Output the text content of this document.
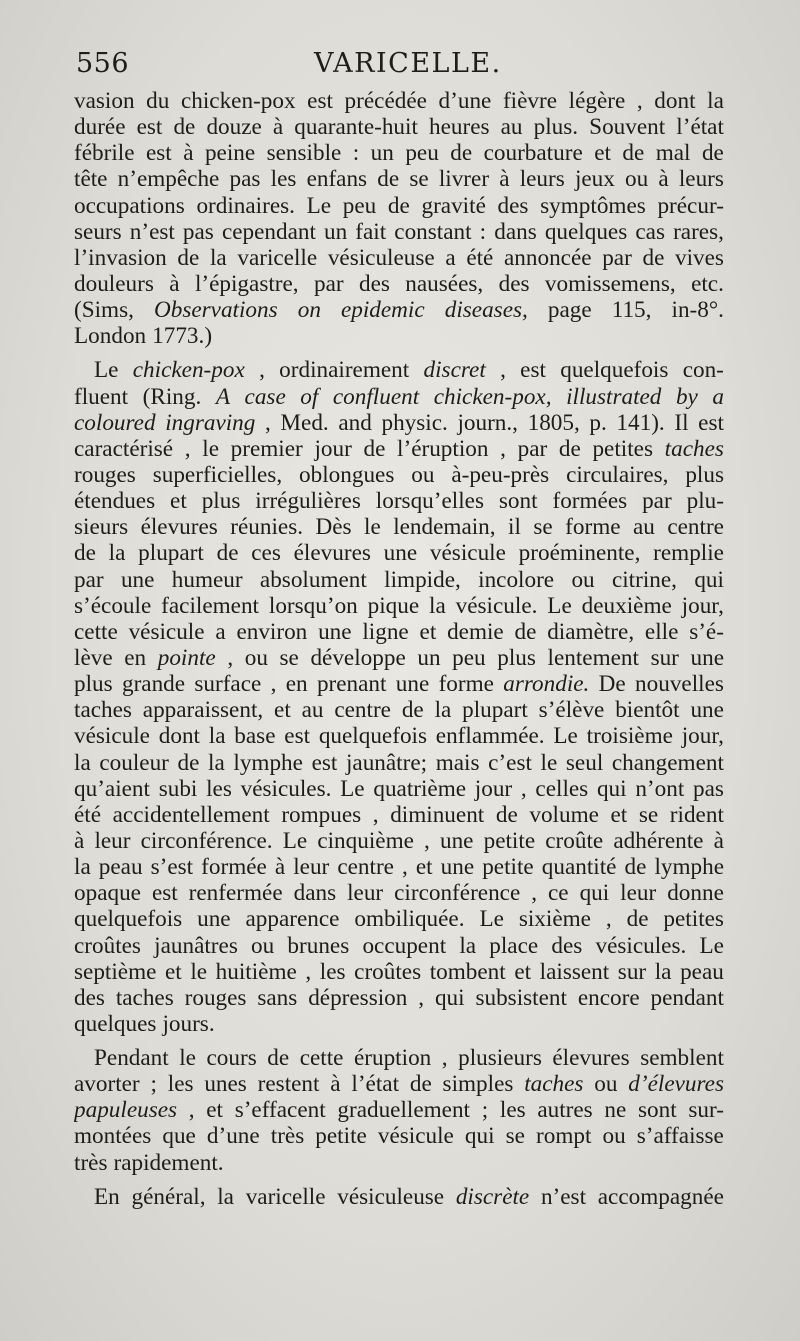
556	VARICELLE.
vasion du chicken-pox est précédée d’une fièvre légère , dont la
durée est de douze à quarante-huit heures au plus. Souvent l’état
fébrile est à peine sensible : un peu de courbature et de mal de
tête n’empêche pas les enfans de se livrer à leurs jeux ou à leurs
occupations ordinaires. Le peu de gravité des symptômes précur-
seurs n’est pas cependant un fait constant : dans quelques cas rares,
l’invasion de la varicelle vésiculeuse a été annoncée par de vives
douleurs à l’épigastre, par des nausées, des vomissemens, etc.
(Sims, Observations on epidemic diseases, page 115, in-8°.
London 1773.)
Le chicken-pox , ordinairement discret , est quelquefois con-
fluent (Ring. A case of confluent chicken-pox, illustrated by a
coloured ingraving , Med. and physic. journ., 1805, p. 141). Il est
caractérisé , le premier jour de l’éruption , par de petites taches
rouges superficielles, oblongues ou à-peu-près circulaires, plus
étendues et plus irrégulières lorsqu’elles sont formées par plu-
sieurs élevures réunies. Dès le lendemain, il se forme au centre
de la plupart de ces élevures une vésicule proéminente, remplie
par une humeur absolument limpide, incolore ou citrine, qui
s’écoule facilement lorsqu’on pique la vésicule. Le deuxième jour,
cette vésicule a environ une ligne et demie de diamètre, elle s’é-
lève en pointe , ou se développe un peu plus lentement sur une
plus grande surface , en prenant une forme arrondie. De nouvelles
taches apparaissent, et au centre de la plupart s’élève bientôt une
vésicule dont la base est quelquefois enflammée. Le troisième jour,
la couleur de la lymphe est jaunâtre; mais c’est le seul changement
qu’aient subi les vésicules. Le quatrième jour , celles qui n’ont pas
été accidentellement rompues , diminuent de volume et se rident
à leur circonférence. Le cinquième , une petite croûte adhérente à
la peau s’est formée à leur centre , et une petite quantité de lymphe
opaque est renfermée dans leur circonférence , ce qui leur donne
quelquefois une apparence ombiliquée. Le sixième , de petites
croûtes jaunâtres ou brunes occupent la place des vésicules. Le
septième et le huitième , les croûtes tombent et laissent sur la peau
des taches rouges sans dépression , qui subsistent encore pendant
quelques jours.
Pendant le cours de cette éruption , plusieurs élevures semblent
avorter ; les unes restent à l’état de simples taches ou d’élevures
papuleuses , et s’effacent graduellement ; les autres ne sont sur-
montées que d’une très petite vésicule qui se rompt ou s’affaisse
très rapidement.
En général, la varicelle vésiculeuse discrète n’est accompagnée
